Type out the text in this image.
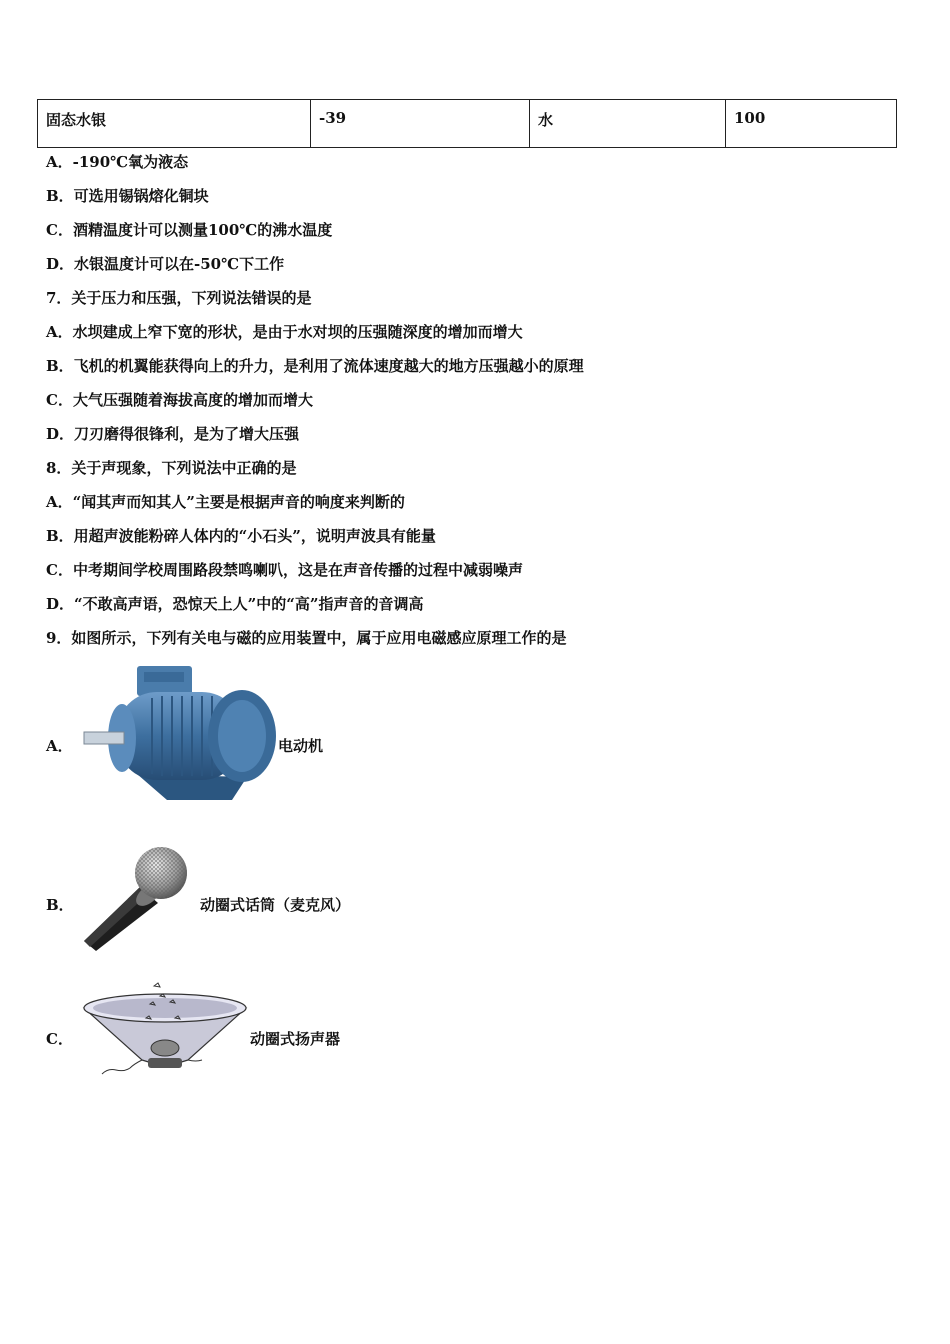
固态水银	-39	水	100
A．-190℃氧为液态
B．可选用锡锅熔化铜块
C．酒精温度计可以测量100℃的沸水温度
D．水银温度计可以在-50℃下工作
7．关于压力和压强，下列说法错误的是
A．水坝建成上窄下宽的形状，是由于水对坝的压强随深度的增加而增大
B．飞机的机翼能获得向上的升力，是利用了流体速度越大的地方压强越小的原理
C．大气压强随着海拔高度的增加而增大
D．刀刃磨得很锋利，是为了增大压强
8．关于声现象，下列说法中正确的是
A．“闻其声而知其人”主要是根据声音的响度来判断的
B．用超声波能粉碎人体内的“小石头”，说明声波具有能量
C．中考期间学校周围路段禁鸣喇叭，这是在声音传播的过程中减弱噪声
D．“不敢高声语，恐惊天上人”中的“高”指声音的音调高
9．如图所示，下列有关电与磁的应用装置中，属于应用电磁感应原理工作的是
A．	电动机
B．	动圈式话筒（麦克风）
C．	动圈式扬声器
